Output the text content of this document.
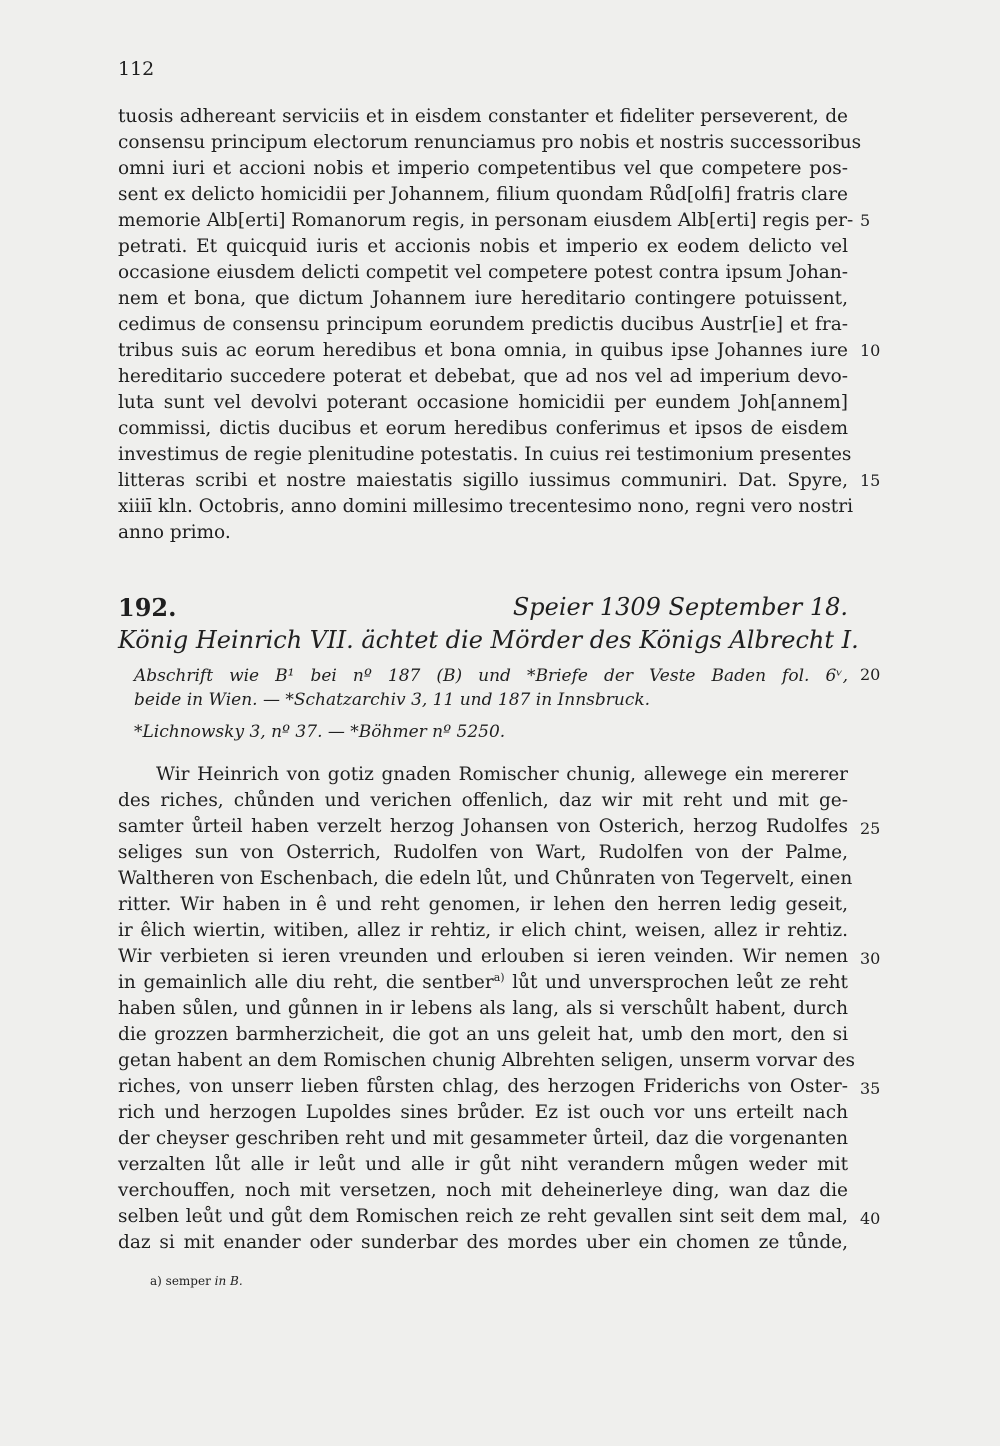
112
tuosis adhereant serviciis et in eisdem constanter et fideliter perseverent, de
consensu principum electorum renunciamus pro nobis et nostris successoribus
omni iuri et accioni nobis et imperio competentibus vel que competere pos-
sent ex delicto homicidii per Johannem, filium quondam Růd[olfi] fratris clare
memorie Alb[erti] Romanorum regis, in personam eiusdem Alb[erti] regis per-
petrati. Et quicquid iuris et accionis nobis et imperio ex eodem delicto vel
occasione eiusdem delicti competit vel competere potest contra ipsum Johan-
nem et bona, que dictum Johannem iure hereditario contingere potuissent,
cedimus de consensu principum eorundem predictis ducibus Austr[ie] et fra-
tribus suis ac eorum heredibus et bona omnia, in quibus ipse Johannes iure
hereditario succedere poterat et debebat, que ad nos vel ad imperium devo-
luta sunt vel devolvi poterant occasione homicidii per eundem Joh[annem]
commissi, dictis ducibus et eorum heredibus conferimus et ipsos de eisdem
investimus de regie plenitudine potestatis. In cuius rei testimonium presentes
litteras scribi et nostre maiestatis sigillo iussimus communiri. Dat. Spyre,
xiiiī kln. Octobris, anno domini millesimo trecentesimo nono, regni vero nostri
anno primo.
5
10
15
192.	Speier 1309 September 18.
König Heinrich VII. ächtet die Mörder des Königs Albrecht I.
Abschrift wie B¹ bei nº 187 (B) und *Briefe der Veste Baden fol. 6ᵛ,
beide in Wien. — *Schatzarchiv 3, 11 und 187 in Innsbruck.
*Lichnowsky 3, nº 37. — *Böhmer nº 5250.
20
Wir Heinrich von gotiz gnaden Romischer chunig, allewege ein mererer
des riches, chůnden und verichen offenlich, daz wir mit reht und mit ge-
samter ůrteil haben verzelt herzog Johansen von Osterich, herzog Rudolfes
seliges sun von Osterrich, Rudolfen von Wart, Rudolfen von der Palme,
Waltheren von Eschenbach, die edeln lůt, und Chůnraten von Tegervelt, einen
ritter. Wir haben in ê und reht genomen, ir lehen den herren ledig geseit,
ir êlich wiertin, witiben, allez ir rehtiz, ir elich chint, weisen, allez ir rehtiz.
Wir verbieten si ieren vreunden und erlouben si ieren veinden. Wir nemen
in gemainlich alle diu reht, die sentber$^{a)}$ lůt und unversprochen leůt ze reht
haben sůlen, und gůnnen in ir lebens als lang, als si verschůlt habent, durch
die grozzen barmherzicheit, die got an uns geleit hat, umb den mort, den si
getan habent an dem Romischen chunig Albrehten seligen, unserm vorvar des
riches, von unserr lieben fůrsten chlag, des herzogen Friderichs von Oster-
rich und herzogen Lupoldes sines brůder. Ez ist ouch vor uns erteilt nach
der cheyser geschriben reht und mit gesammeter ůrteil, daz die vorgenanten
verzalten lůt alle ir leůt und alle ir gůt niht verandern můgen weder mit
verchouffen, noch mit versetzen, noch mit deheinerleye ding, wan daz die
selben leůt und gůt dem Romischen reich ze reht gevallen sint seit dem mal,
daz si mit enander oder sunderbar des mordes uber ein chomen ze tůnde,
25
30
35
40
a) semper in B.
